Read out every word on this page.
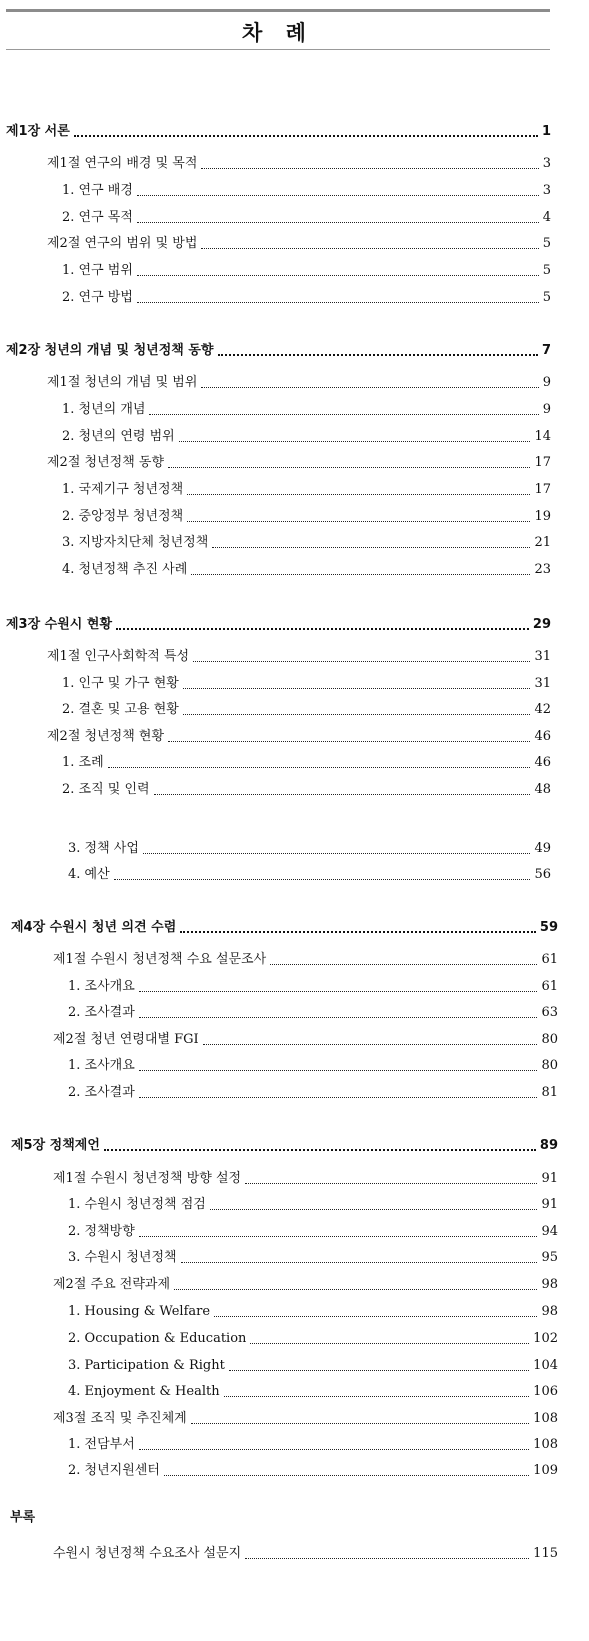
차 례
제1장 서론	1
제1절 연구의 배경 및 목적	3
1. 연구 배경	3
2. 연구 목적	4
제2절 연구의 범위 및 방법	5
1. 연구 범위	5
2. 연구 방법	5
제2장 청년의 개념 및 청년정책 동향	7
제1절 청년의 개념 및 범위	9
1. 청년의 개념	9
2. 청년의 연령 범위	14
제2절 청년정책 동향	17
1. 국제기구 청년정책	17
2. 중앙정부 청년정책	19
3. 지방자치단체 청년정책	21
4. 청년정책 추진 사례	23
제3장 수원시 현황	29
제1절 인구사회학적 특성	31
1. 인구 및 가구 현황	31
2. 결혼 및 고용 현황	42
제2절 청년정책 현황	46
1. 조례	46
2. 조직 및 인력	48
3. 정책 사업	49
4. 예산	56
제4장 수원시 청년 의견 수렴	59
제1절 수원시 청년정책 수요 설문조사	61
1. 조사개요	61
2. 조사결과	63
제2절 청년 연령대별 FGI	80
1. 조사개요	80
2. 조사결과	81
제5장 정책제언	89
제1절 수원시 청년정책 방향 설정	91
1. 수원시 청년정책 점검	91
2. 정책방향	94
3. 수원시 청년정책	95
제2절 주요 전략과제	98
1. Housing & Welfare	98
2. Occupation & Education	102
3. Participation & Right	104
4. Enjoyment & Health	106
제3절 조직 및 추진체계	108
1. 전담부서	108
2. 청년지원센터	109
부록
수원시 청년정책 수요조사 설문지	115
